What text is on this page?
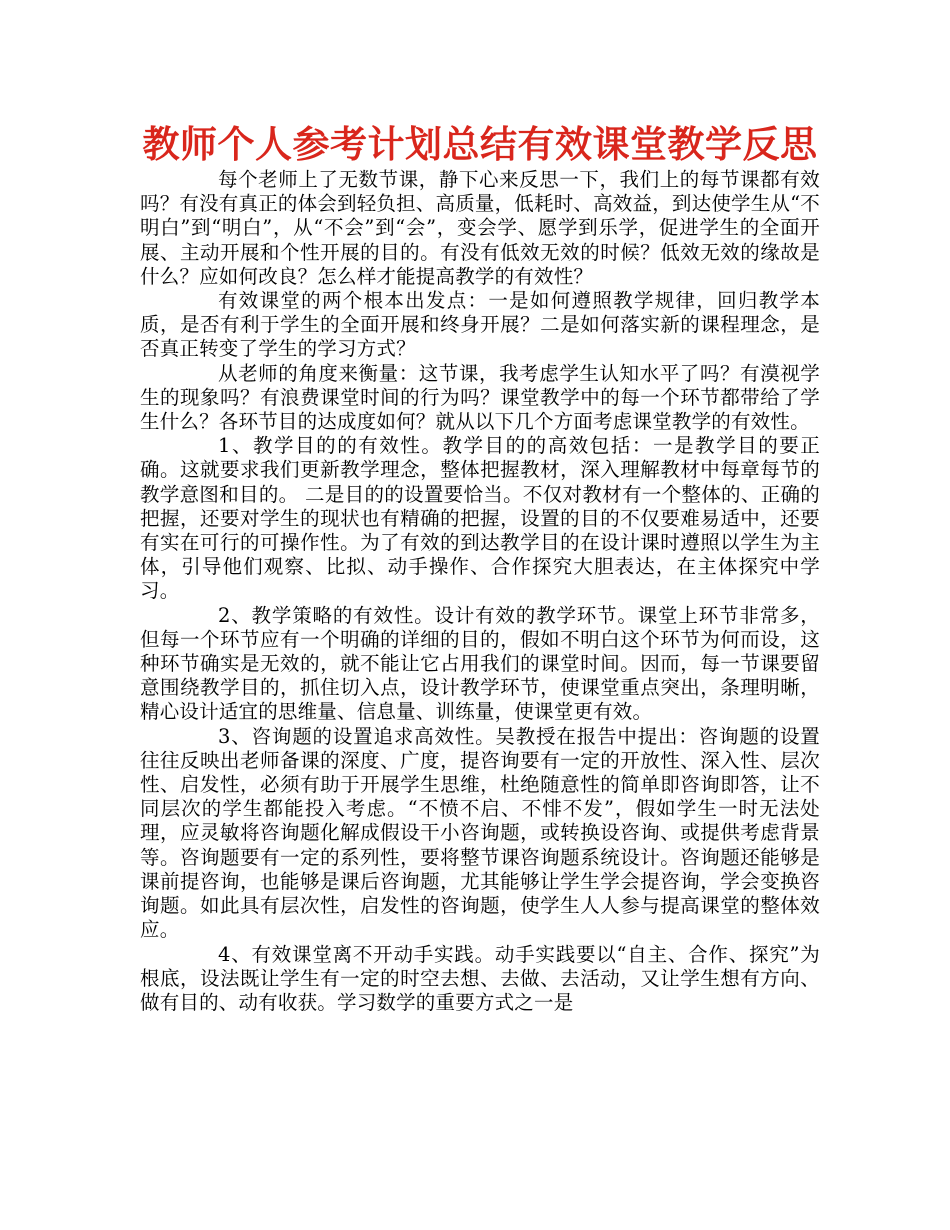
教师个人参考计划总结有效课堂教学反思

每个老师上了无数节课，静下心来反思一下，我们上的每节课都有效吗？有没有真正的体会到轻负担、高质量，低耗时、高效益，到达使学生从“不明白”到“明白”，从“不会”到“会”，变会学、愿学到乐学，促进学生的全面开展、主动开展和个性开展的目的。有没有低效无效的时候？低效无效的缘故是什么？应如何改良？怎么样才能提高教学的有效性？

有效课堂的两个根本出发点：一是如何遵照教学规律，回归教学本质，是否有利于学生的全面开展和终身开展？二是如何落实新的课程理念，是否真正转变了学生的学习方式？

从老师的角度来衡量：这节课，我考虑学生认知水平了吗？有漠视学生的现象吗？有浪费课堂时间的行为吗？课堂教学中的每一个环节都带给了学生什么？各环节目的达成度如何？就从以下几个方面考虑课堂教学的有效性。

1、教学目的的有效性。教学目的的高效包括：一是教学目的要正确。这就要求我们更新教学理念，整体把握教材，深入理解教材中每章每节的教学意图和目的。 二是目的的设置要恰当。不仅对教材有一个整体的、正确的把握，还要对学生的现状也有精确的把握，设置的目的不仅要难易适中，还要有实在可行的可操作性。为了有效的到达教学目的在设计课时遵照以学生为主体，引导他们观察、比拟、动手操作、合作探究大胆表达，在主体探究中学习。

2、教学策略的有效性。设计有效的教学环节。课堂上环节非常多，但每一个环节应有一个明确的详细的目的，假如不明白这个环节为何而设，这种环节确实是无效的，就不能让它占用我们的课堂时间。因而，每一节课要留意围绕教学目的，抓住切入点，设计教学环节，使课堂重点突出，条理明晰，精心设计适宜的思维量、信息量、训练量，使课堂更有效。

3、咨询题的设置追求高效性。吴教授在报告中提出：咨询题的设置往往反映出老师备课的深度、广度，提咨询要有一定的开放性、深入性、层次性、启发性，必须有助于开展学生思维，杜绝随意性的简单即咨询即答，让不同层次的学生都能投入考虑。“不愤不启、不悱不发”，假如学生一时无法处理，应灵敏将咨询题化解成假设干小咨询题，或转换设咨询、或提供考虑背景等。咨询题要有一定的系列性，要将整节课咨询题系统设计。咨询题还能够是课前提咨询，也能够是课后咨询题，尤其能够让学生学会提咨询，学会变换咨询题。如此具有层次性，启发性的咨询题，使学生人人参与提高课堂的整体效应。

4、有效课堂离不开动手实践。动手实践要以“自主、合作、探究”为根底，设法既让学生有一定的时空去想、去做、去活动，又让学生想有方向、做有目的、动有收获。学习数学的重要方式之一是
